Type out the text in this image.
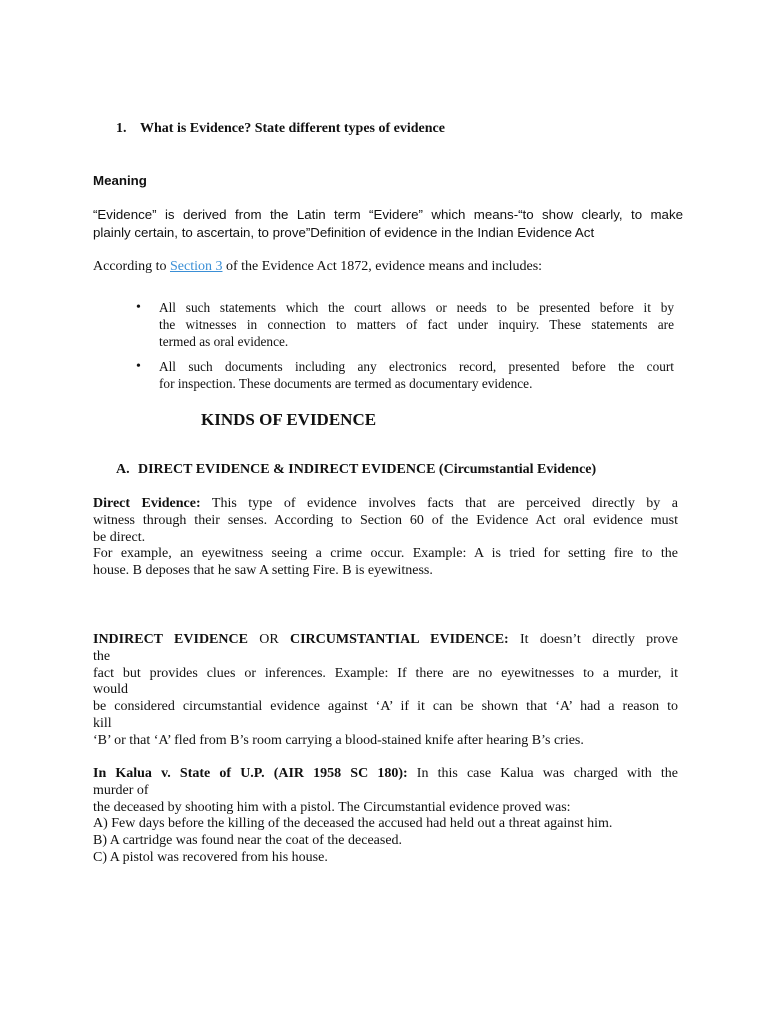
1. What is Evidence? State different types of evidence
Meaning
“Evidence” is derived from the Latin term “Evidere” which means-“to show clearly, to make
plainly certain, to ascertain, to prove”Definition of evidence in the Indian Evidence Act
According to Section 3 of the Evidence Act 1872, evidence means and includes:
• All such statements which the court allows or needs to be presented before it by
the witnesses in connection to matters of fact under inquiry. These statements are
termed as oral evidence.
• All such documents including any electronics record, presented before the court
for inspection. These documents are termed as documentary evidence.
KINDS OF EVIDENCE
A. DIRECT EVIDENCE & INDIRECT EVIDENCE (Circumstantial Evidence)
Direct Evidence: This type of evidence involves facts that are perceived directly by a
witness through their senses. According to Section 60 of the Evidence Act oral evidence must
be direct.
For example, an eyewitness seeing a crime occur. Example: A is tried for setting fire to the
house. B deposes that he saw A setting Fire. B is eyewitness.
INDIRECT EVIDENCE OR CIRCUMSTANTIAL EVIDENCE: It doesn’t directly prove
the
fact but provides clues or inferences. Example: If there are no eyewitnesses to a murder, it
would
be considered circumstantial evidence against ‘A’ if it can be shown that ‘A’ had a reason to
kill
‘B’ or that ‘A’ fled from B’s room carrying a blood-stained knife after hearing B’s cries.
In Kalua v. State of U.P. (AIR 1958 SC 180): In this case Kalua was charged with the
murder of
the deceased by shooting him with a pistol. The Circumstantial evidence proved was:
A) Few days before the killing of the deceased the accused had held out a threat against him.
B) A cartridge was found near the coat of the deceased.
C) A pistol was recovered from his house.
